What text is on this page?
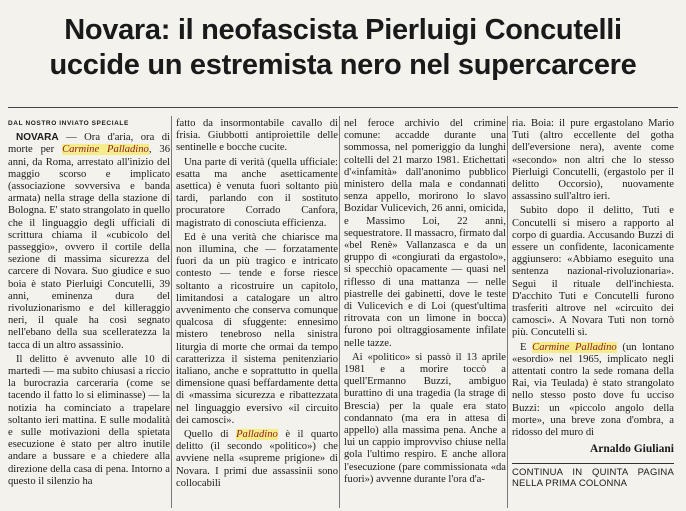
Novara: il neofascista Pierluigi Concutelli
uccide un estremista nero nel supercarcere
DAL NOSTRO INVIATO SPECIALE

NOVARA — Ora d'aria, ora di morte per Carmine Palladino, 36 anni, da Roma, arrestato all'inizio del maggio scorso e implicato (associazione sovversiva e banda armata) nella strage della stazione di Bologna. E' stato strangolato in quello che il linguaggio degli ufficiali di scrittura chiama il «cubicolo del passeggio», ovvero il cortile della sezione di massima sicurezza del carcere di Novara. Suo giudice e suo boia è stato Pierluigi Concutelli, 39 anni, eminenza dura del rivoluzionarismo e del killeraggio neri, il quale ha così segnato nell'ebano della sua scelleratezza la tacca di un altro assassinio.

Il delitto è avvenuto alle 10 di martedì — ma subito chiusasi a riccio la burocrazia carceraria (come se tacendo il fatto lo si eliminasse) — la notizia ha cominciato a trapelare soltanto ieri mattina. E sulle modalità e sulle motivazioni della spietata esecuzione è stato per altro inutile andare a bussare e a chiedere alla direzione della casa di pena. Intorno a questo il silenzio ha

fatto da insormontabile cavallo di frisia. Giubbotti antiproiettile delle sentinelle e bocche cucite.

Una parte di verità (quella ufficiale: esatta ma anche asetticamente asettica) è venuta fuori soltanto più tardi, parlando con il sostituto procuratore Corrado Canfora, magistrato di conosciuta efficienza.

Ed è una verità che chiarisce ma non illumina, che — forzatamente fuori da un più tragico e intricato contesto — tende e forse riesce soltanto a ricostruire un capitolo, limitandosi a catalogare un altro avvenimento che conserva comunque qualcosa di sfuggente: ennesimo mistero tenebroso nella sinistra liturgia di morte che ormai da tempo caratterizza il sistema penitenziario italiano, anche e soprattutto in quella dimensione quasi beffardamente detta di «massima sicurezza e ribattezzata nel linguaggio eversivo «il circuito dei camosci».

Quello di Palladino è il quarto delitto (il secondo «politico») che avviene nella «supreme prigione» di Novara. I primi due assassinii sono collocabili

nel feroce archivio del crimine comune: accadde durante una sommossa, nel pomeriggio da lunghi coltelli del 21 marzo 1981. Etichettati d'«infamità» dall'anonimo pubblico ministero della mala e condannati senza appello, morirono lo slavo Bozidar Vulicevich, 26 anni, omicida, e Massimo Loi, 22 anni, sequestratore. Il massacro, firmato dal «bel Renè» Vallanzasca e da un gruppo di «congiurati da ergastolo», si specchiò opacamente — quasi nel riflesso di una mattanza — nelle piastrelle dei gabinetti, dove le teste di Vulicevich e di Loi (quest'ultima ritrovata con un limone in bocca) furono poi oltraggiosamente infilate nelle tazze.

Ai «politico» si passò il 13 aprile 1981 e a morire toccò a quell'Ermanno Buzzi, ambiguo burattino di una tragedia (la strage di Brescia) per la quale era stato condannato (ma era in attesa di appello) alla massima pena. Anche a lui un cappio improvviso chiuse nella gola l'ultimo respiro. E anche allora l'esecuzione (pare commissionata «da fuori») avvenne durante l'ora d'a-

ria. Boia: il pure ergastolano Mario Tuti (altro eccellente del gotha dell'eversione nera), avente come «secondo» non altri che lo stesso Pierluigi Concutelli, (ergastolo per il delitto Occorsio), nuovamente assassino sull'altro ieri.

Subito dopo il delitto, Tuti e Concutelli si misero a rapporto al corpo di guardia. Accusando Buzzi di essere un confidente, laconicamente aggiunsero: «Abbiamo eseguito una sentenza nazional-rivoluzionaria». Seguì il rituale dell'inchiesta. D'acchito Tuti e Concutelli furono trasferiti altrove nel «circuito dei camosci». A Novara Tuti non tornò più. Concutelli sì.

E Carmine Palladino (un lontano «esordio» nel 1965, implicato negli attentati contro la sede romana della Rai, via Teulada) è stato strangolato nello stesso posto dove fu ucciso Buzzi: un «piccolo angolo della morte», una breve zona d'ombra, a ridosso del muro di

Arnaldo Giuliani
CONTINUA IN QUINTA PAGINA NELLA PRIMA COLONNA
